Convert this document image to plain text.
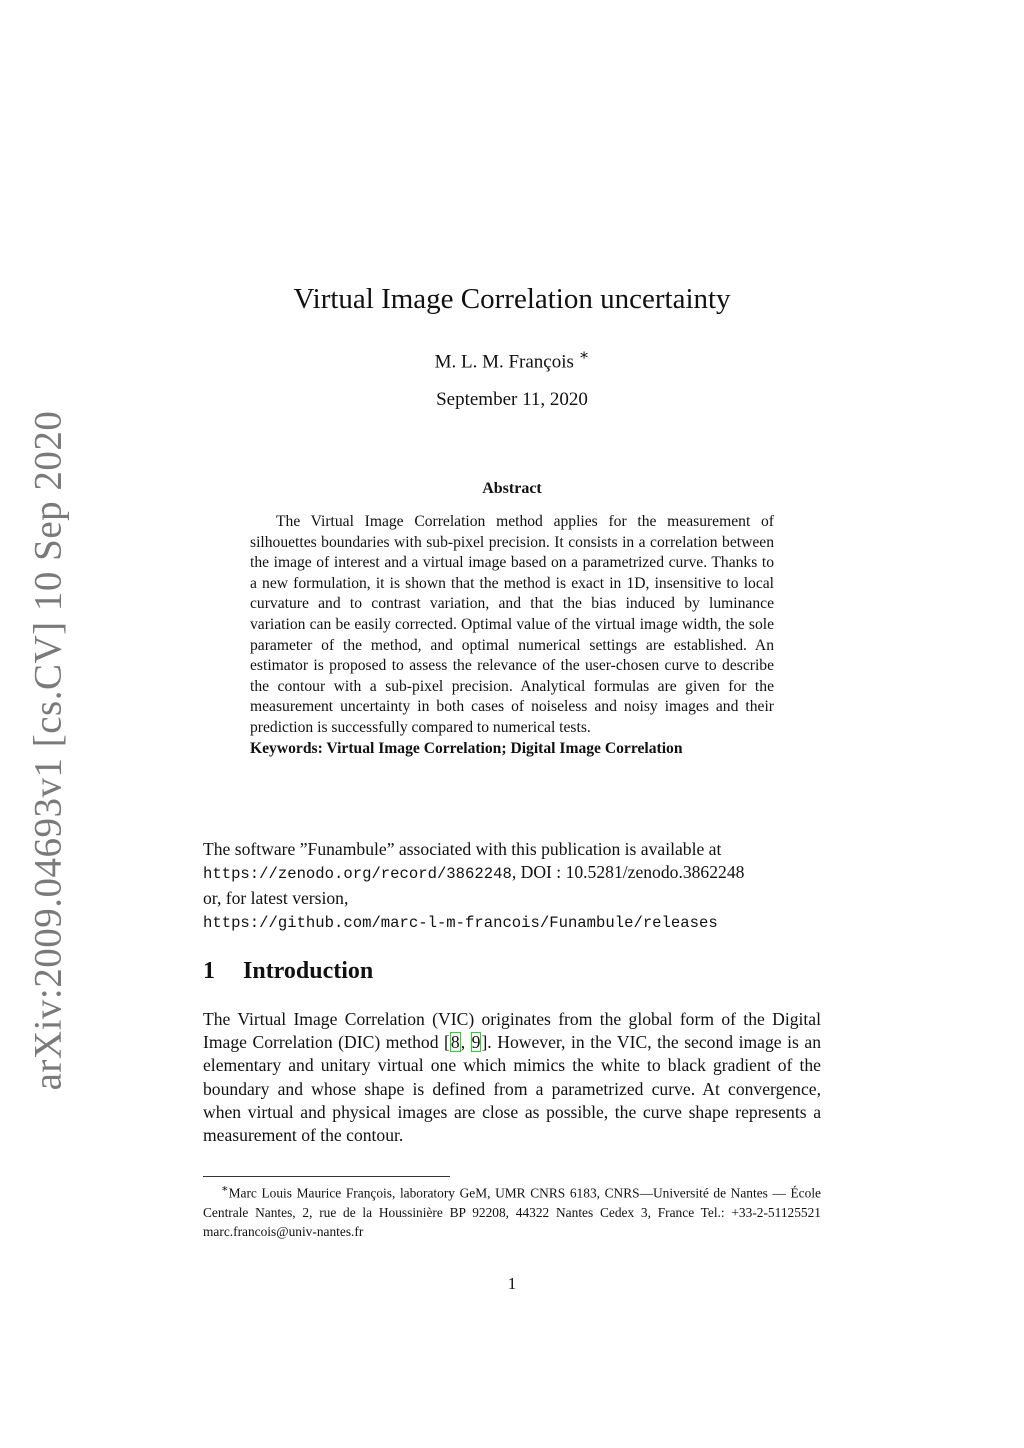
arXiv:2009.04693v1 [cs.CV] 10 Sep 2020
Virtual Image Correlation uncertainty
M. L. M. François ∗
September 11, 2020
Abstract

The Virtual Image Correlation method applies for the measurement of silhouettes boundaries with sub-pixel precision. It consists in a correlation between the image of interest and a virtual image based on a parametrized curve. Thanks to a new formulation, it is shown that the method is exact in 1D, insensitive to local curvature and to contrast variation, and that the bias induced by luminance variation can be easily corrected. Optimal value of the virtual image width, the sole parameter of the method, and optimal numerical settings are established. An estimator is proposed to assess the relevance of the user-chosen curve to describe the contour with a sub-pixel precision. Analytical formulas are given for the measurement uncertainty in both cases of noiseless and noisy images and their prediction is successfully compared to numerical tests.

Keywords: Virtual Image Correlation; Digital Image Correlation

The software ”Funambule” associated with this publication is available at

https://zenodo.org/record/3862248, DOI : 10.5281/zenodo.3862248

or, for latest version,

https://github.com/marc-l-m-francois/Funambule/releases

1 Introduction

The Virtual Image Correlation (VIC) originates from the global form of the Digital Image Correlation (DIC) method [8, 9]. However, in the VIC, the second image is an elementary and unitary virtual one which mimics the white to black gradient of the boundary and whose shape is defined from a parametrized curve. At convergence, when virtual and physical images are close as possible, the curve shape represents a measurement of the contour.

∗Marc Louis Maurice François, laboratory GeM, UMR CNRS 6183, CNRS—Université de Nantes — École Centrale Nantes, 2, rue de la Houssinière BP 92208, 44322 Nantes Cedex 3, France Tel.: +33-2-51125521 marc.francois@univ-nantes.fr

1
